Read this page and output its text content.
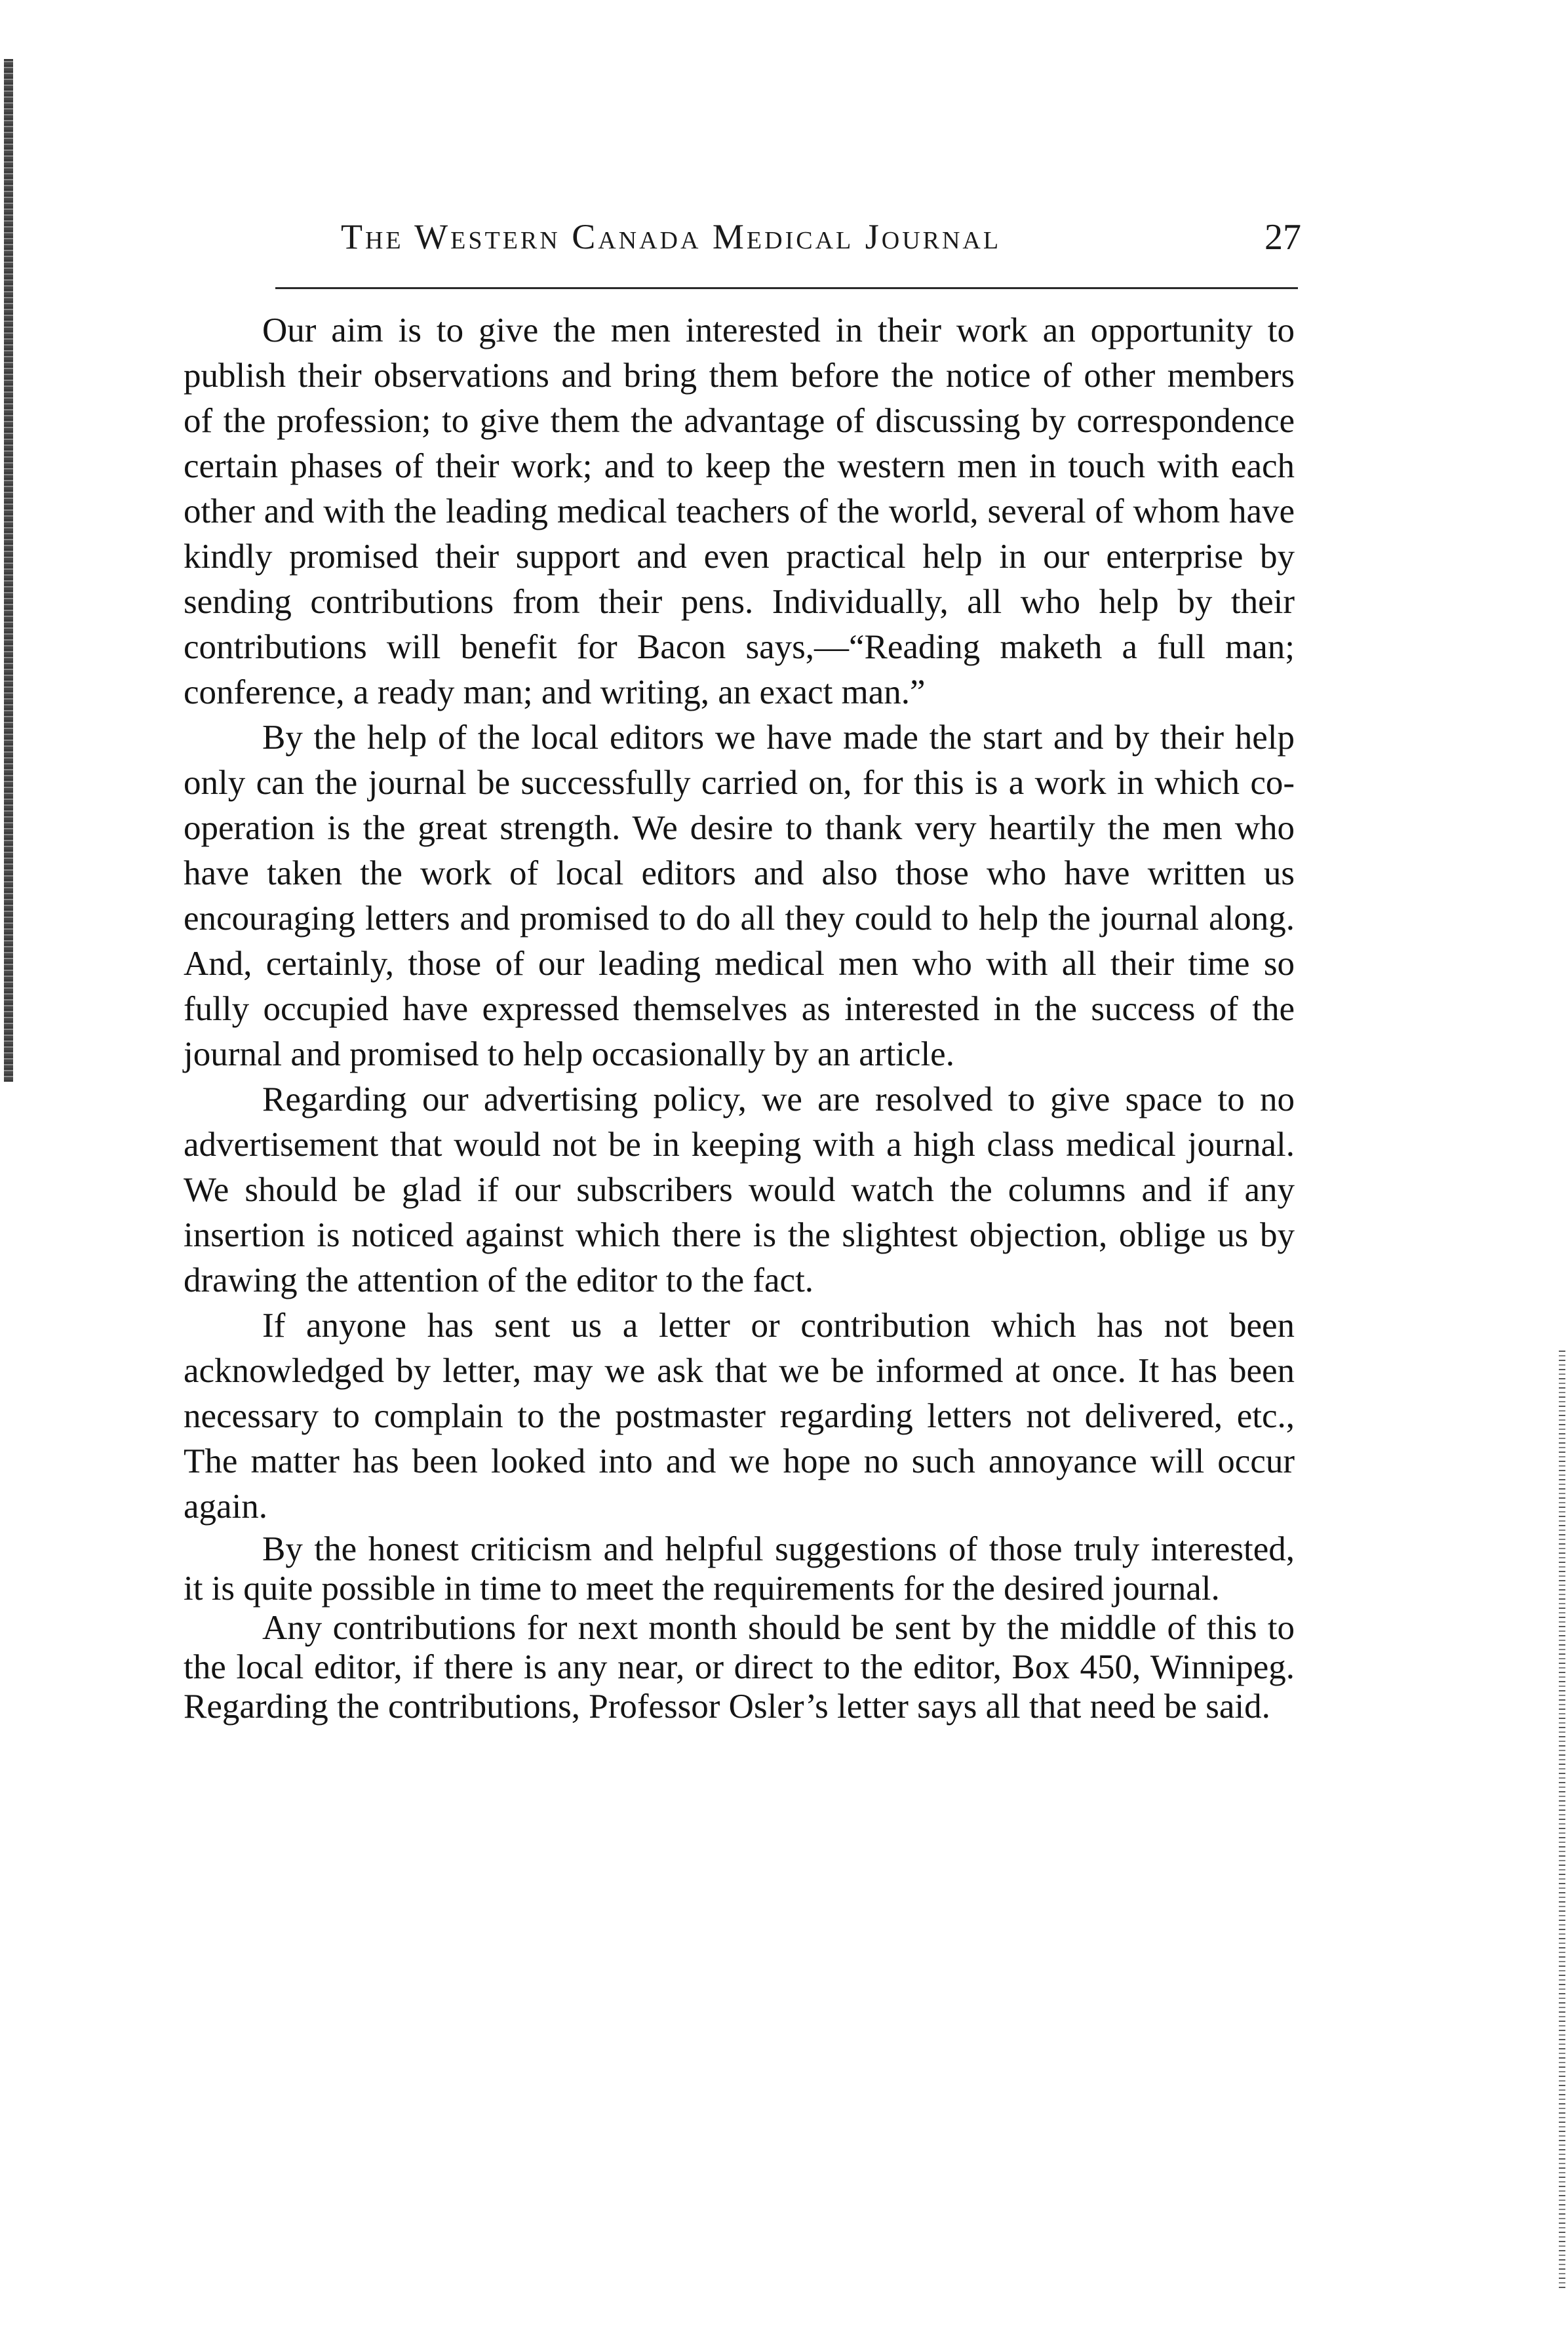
The Western Canada Medical Journal	27

Our aim is to give the men interested in their work an opportunity to publish their observations and bring them before the notice of other members of the profession; to give them the advantage of discussing by correspondence certain phases of their work; and to keep the western men in touch with each other and with the leading medical teachers of the world, several of whom have kindly promised their support and even practical help in our enterprise by sending contributions from their pens. Individually, all who help by their contributions will benefit for Bacon says,—“Reading maketh a full man; conference, a ready man; and writing, an exact man.”

By the help of the local editors we have made the start and by their help only can the journal be successfully carried on, for this is a work in which co-operation is the great strength. We desire to thank very heartily the men who have taken the work of local editors and also those who have written us encouraging letters and promised to do all they could to help the journal along. And, certainly, those of our leading medical men who with all their time so fully occupied have expressed themselves as interested in the success of the journal and promised to help occasionally by an article.

Regarding our advertising policy, we are resolved to give space to no advertisement that would not be in keeping with a high class medical journal. We should be glad if our subscribers would watch the columns and if any insertion is noticed against which there is the slightest objection, oblige us by drawing the attention of the editor to the fact.

If anyone has sent us a letter or contribution which has not been acknowledged by letter, may we ask that we be informed at once. It has been necessary to complain to the postmaster regarding letters not delivered, etc., The matter has been looked into and we hope no such annoyance will occur again.

By the honest criticism and helpful suggestions of those truly interested, it is quite possible in time to meet the requirements for the desired journal.

Any contributions for next month should be sent by the middle of this to the local editor, if there is any near, or direct to the editor, Box 450, Winnipeg. Regarding the contributions, Professor Osler’s letter says all that need be said.
